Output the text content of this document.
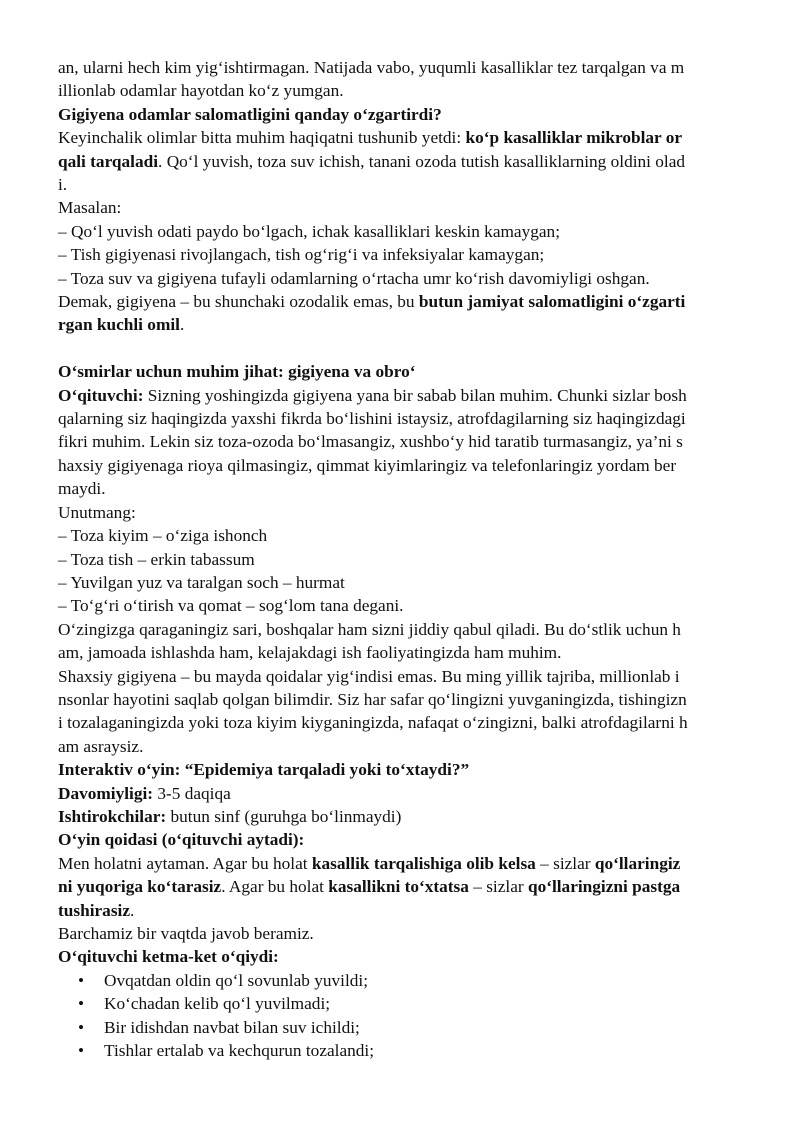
an, ularni hech kim yig‘ishtirmagan. Natijada vabo, yuqumli kasalliklar tez tarqalgan va m
illionlab odamlar hayotdan ko‘z yumgan.

Gigiyena odamlar salomatligini qanday o‘zgartirdi?

Keyinchalik olimlar bitta muhim haqiqatni tushunib yetdi: ko‘p kasalliklar mikroblar or
qali tarqaladi. Qo‘l yuvish, toza suv ichish, tanani ozoda tutish kasalliklarning oldini olad
i.

Masalan:

– Qo‘l yuvish odati paydo bo‘lgach, ichak kasalliklari keskin kamaygan;

– Tish gigiyenasi rivojlangach, tish og‘rig‘i va infeksiyalar kamaygan;

– Toza suv va gigiyena tufayli odamlarning o‘rtacha umr ko‘rish davomiyligi oshgan.

Demak, gigiyena – bu shunchaki ozodalik emas, bu butun jamiyat salomatligini o‘zgarti
rgan kuchli omil.

O‘smirlar uchun muhim jihat: gigiyena va obro‘

O‘qituvchi: Sizning yoshingizda gigiyena yana bir sabab bilan muhim. Chunki sizlar bosh
qalarning siz haqingizda yaxshi fikrda bo‘lishini istaysiz, atrofdagilarning siz haqingizdagi
fikri muhim. Lekin siz toza-ozoda bo‘lmasangiz, xushbo‘y hid taratib turmasangiz, ya’ni s
haxsiy gigiyenaga rioya qilmasingiz, qimmat kiyimlaringiz va telefonlaringiz yordam ber
maydi.

Unutmang:

– Toza kiyim – o‘ziga ishonch

– Toza tish – erkin tabassum

– Yuvilgan yuz va taralgan soch – hurmat

– To‘g‘ri o‘tirish va qomat – sog‘lom tana degani.

O‘zingizga qaraganingiz sari, boshqalar ham sizni jiddiy qabul qiladi. Bu do‘stlik uchun h
am, jamoada ishlashda ham, kelajakdagi ish faoliyatingizda ham muhim.

Shaxsiy gigiyena – bu mayda qoidalar yig‘indisi emas. Bu ming yillik tajriba, millionlab i
nsonlar hayotini saqlab qolgan bilimdir. Siz har safar qo‘lingizni yuvganingizda, tishingizn
i tozalaganingizda yoki toza kiyim kiyganingizda, nafaqat o‘zingizni, balki atrofdagilarni h
am asraysiz.

Interaktiv o‘yin: “Epidemiya tarqaladi yoki to‘xtaydi?”

Davomiyligi: 3-5 daqiqa

Ishtirokchilar: butun sinf (guruhga bo‘linmaydi)

O‘yin qoidasi (o‘qituvchi aytadi):

Men holatni aytaman. Agar bu holat kasallik tarqalishiga olib kelsa – sizlar qo‘llaringiz
ni yuqoriga ko‘tarasiz. Agar bu holat kasallikni to‘xtatsa – sizlar qo‘llaringizni pastga
tushirasiz.

Barchamiz bir vaqtda javob beramiz.

O‘qituvchi ketma-ket o‘qiydi:

• Ovqatdan oldin qo‘l sovunlab yuvildi;
• Ko‘chadan kelib qo‘l yuvilmadi;
• Bir idishdan navbat bilan suv ichildi;
• Tishlar ertalab va kechqurun tozalandi;
